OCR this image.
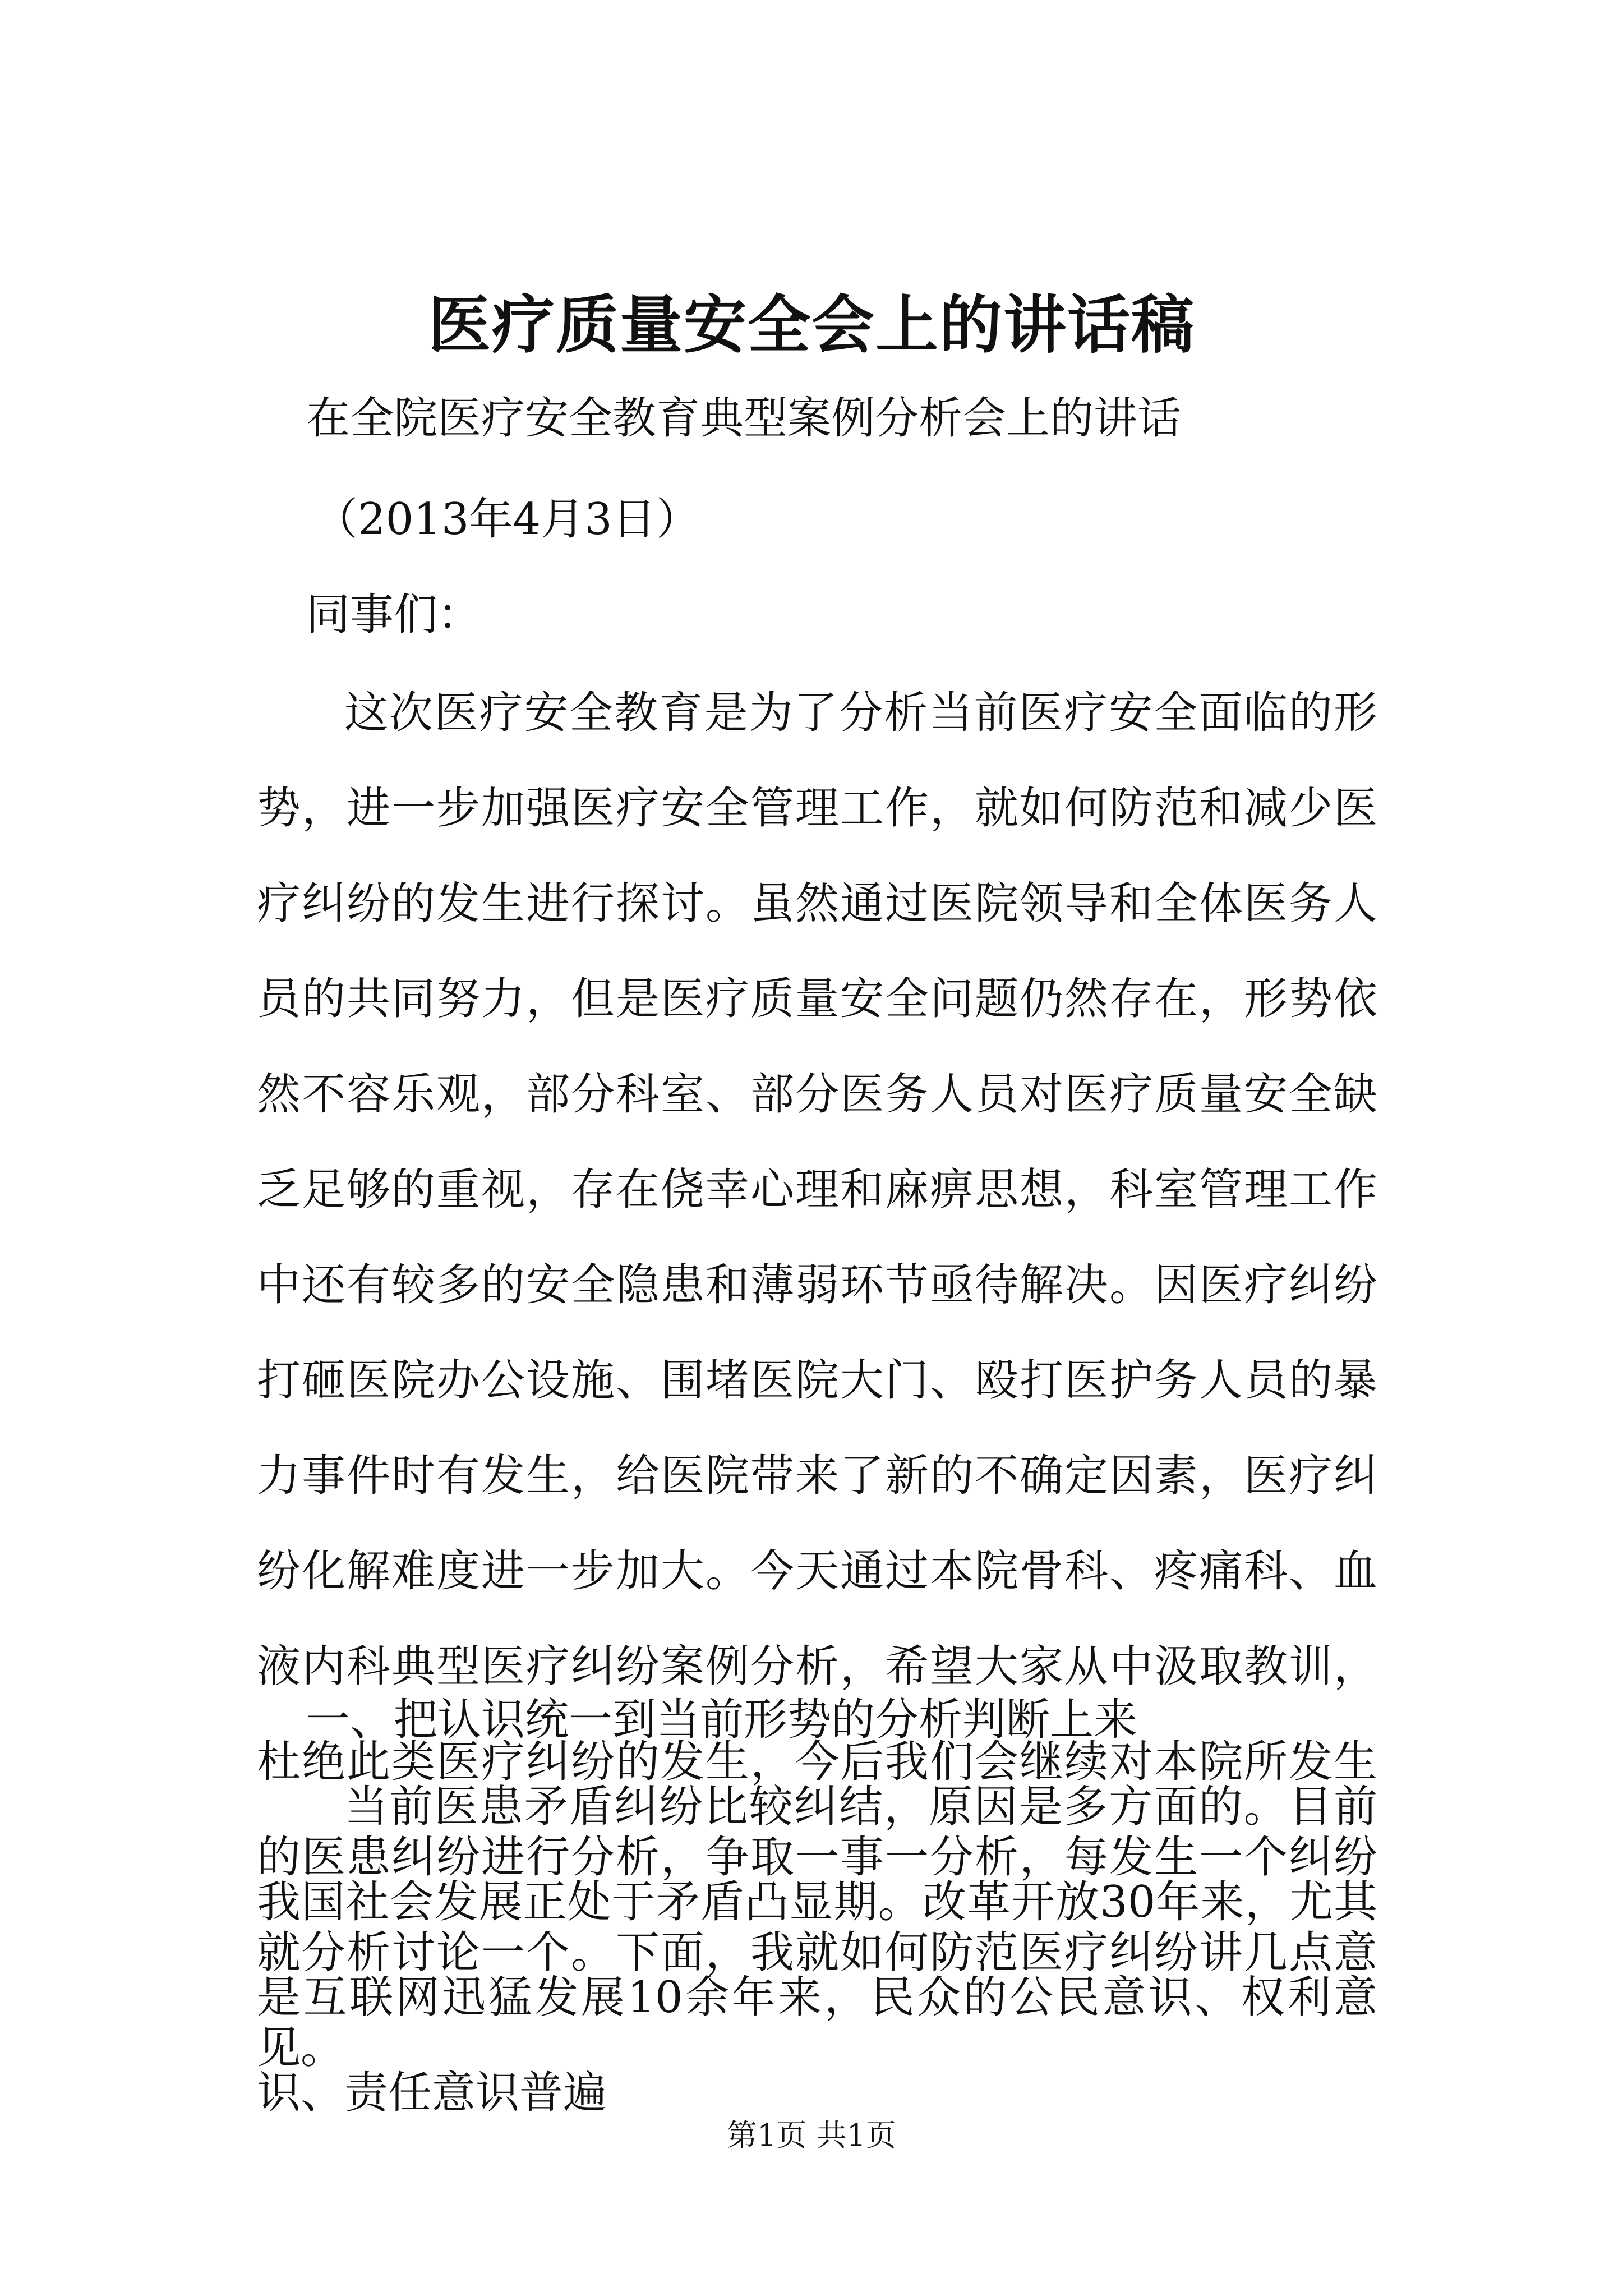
医疗质量安全会上的讲话稿
在全院医疗安全教育典型案例分析会上的讲话
（2013年4月3日）
同事们：
这次医疗安全教育是为了分析当前医疗安全面临的形势，进一步加强医疗安全管理工作，就如何防范和减少医疗纠纷的发生进行探讨。虽然通过医院领导和全体医务人员的共同努力，但是医疗质量安全问题仍然存在，形势依然不容乐观，部分科室、部分医务人员对医疗质量安全缺乏足够的重视，存在侥幸心理和麻痹思想，科室管理工作中还有较多的安全隐患和薄弱环节亟待解决。因医疗纠纷打砸医院办公设施、围堵医院大门、殴打医护务人员的暴力事件时有发生，给医院带来了新的不确定因素，医疗纠纷化解难度进一步加大。今天通过本院骨科、疼痛科、血液内科典型医疗纠纷案例分析，希望大家从中汲取教训，杜绝此类医疗纠纷的发生，今后我们会继续对本院所发生的医患纠纷进行分析，争取一事一分析，每发生一个纠纷就分析讨论一个。下面，我就如何防范医疗纠纷讲几点意见。
一、把认识统一到当前形势的分析判断上来
当前医患矛盾纠纷比较纠结，原因是多方面的。目前我国社会发展正处于矛盾凸显期。改革开放30年来，尤其是互联网迅猛发展10余年来，民众的公民意识、权利意识、责任意识普遍
第1页 共1页
